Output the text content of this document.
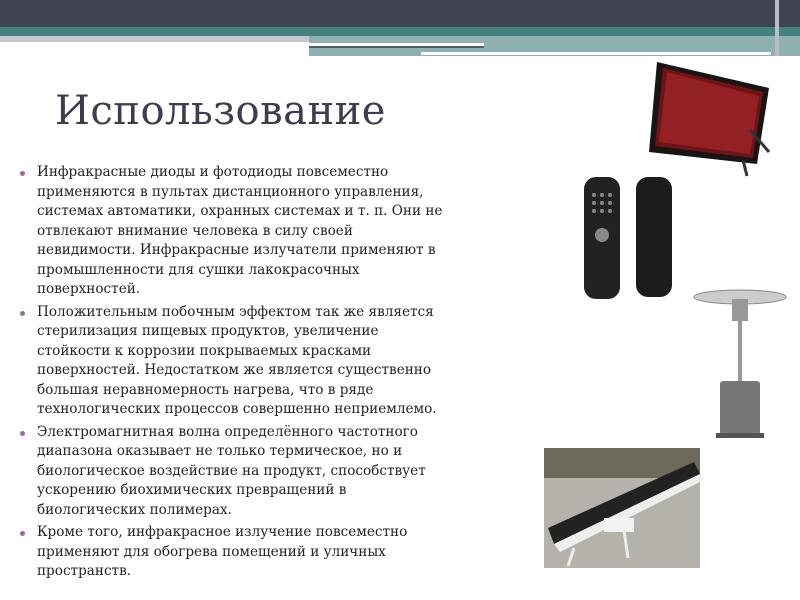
Использование
Инфракрасные диоды и фотодиоды повсеместно
применяются в пультах дистанционного управления,
системах автоматики, охранных системах и т. п. Они не
отвлекают внимание человека в силу своей
невидимости. Инфракрасные излучатели применяют в
промышленности для сушки лакокрасочных
поверхностей.
Положительным побочным эффектом так же является
стерилизация пищевых продуктов, увеличение
стойкости к коррозии покрываемых красками
поверхностей. Недостатком же является существенно
большая неравномерность нагрева, что в ряде
технологических процессов совершенно неприемлемо.
Электромагнитная волна определённого частотного
диапазона оказывает не только термическое, но и
биологическое воздействие на продукт, способствует
ускорению биохимических превращений в
биологических полимерах.
Кроме того, инфракрасное излучение повсеместно
применяют для обогрева помещений и уличных
пространств.
